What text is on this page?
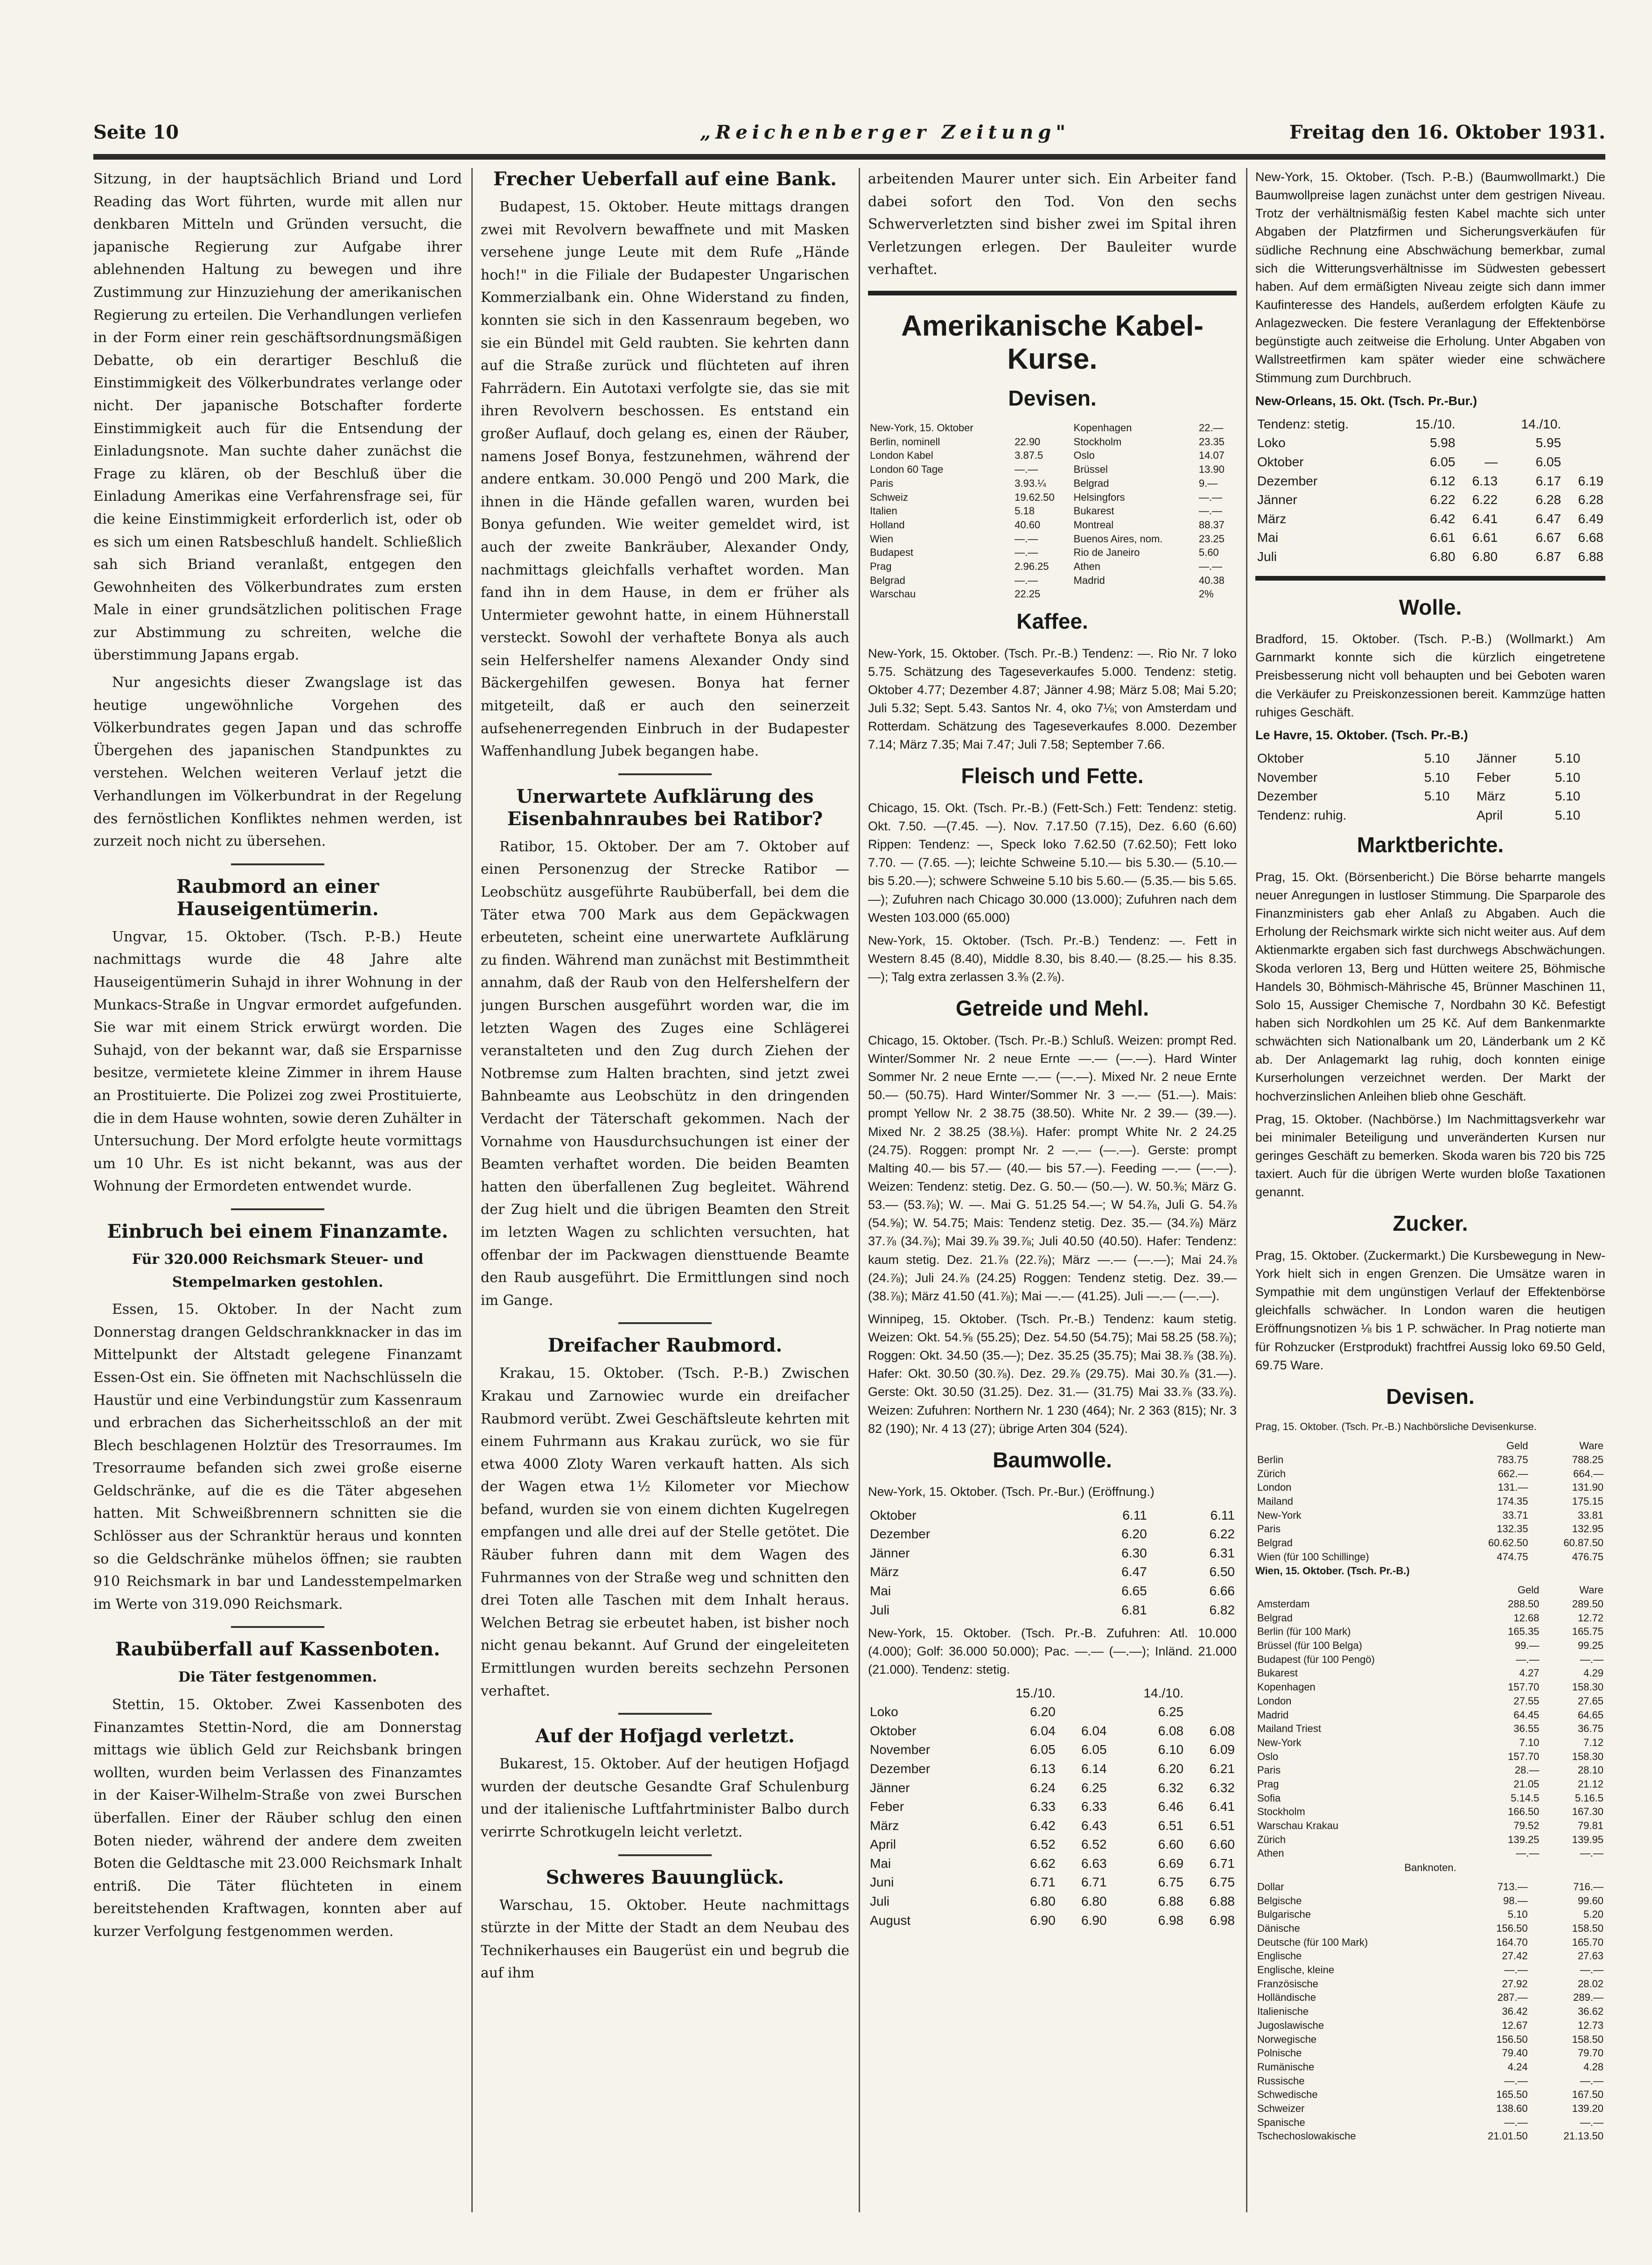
Seite 10	„Reichenberger Zeitung"	Freitag den 16. Oktober 1931.

Sitzung, in der hauptsächlich Briand und Lord Reading das Wort führten, wurde mit allen nur denkbaren Mitteln und Gründen versucht, die japanische Regierung zur Aufgabe ihrer ablehnenden Haltung zu bewegen und ihre Zustimmung zur Hinzuziehung der amerikanischen Regierung zu erteilen. Die Verhandlungen verliefen in der Form einer rein geschäftsordnungsmäßigen Debatte, ob ein derartiger Beschluß die Einstimmigkeit des Völkerbundrates verlange oder nicht. Der japanische Botschafter forderte Einstimmigkeit auch für die Entsendung der Einladungsnote. Man suchte daher zunächst die Frage zu klären, ob der Beschluß über die Einladung Amerikas eine Verfahrensfrage sei, für die keine Einstimmigkeit erforderlich ist, oder ob es sich um einen Ratsbeschluß handelt. Schließlich sah sich Briand veranlaßt, entgegen den Gewohnheiten des Völkerbundrates zum ersten Male in einer grundsätzlichen politischen Frage zur Abstimmung zu schreiten, welche die überstimmung Japans ergab.

Nur angesichts dieser Zwangslage ist das heutige ungewöhnliche Vorgehen des Völkerbundrates gegen Japan und das schroffe Übergehen des japanischen Standpunktes zu verstehen. Welchen weiteren Verlauf jetzt die Verhandlungen im Völkerbundrat in der Regelung des fernöstlichen Konfliktes nehmen werden, ist zurzeit noch nicht zu übersehen.

Raubmord an einer Hauseigentümerin.

Ungvar, 15. Oktober. (Tsch. P.-B.) Heute nachmittags wurde die 48 Jahre alte Hauseigentümerin Suhajd in ihrer Wohnung in der Munkacs-Straße in Ungvar ermordet aufgefunden. Sie war mit einem Strick erwürgt worden. Die Suhajd, von der bekannt war, daß sie Ersparnisse besitze, vermietete kleine Zimmer in ihrem Hause an Prostituierte. Die Polizei zog zwei Prostituierte, die in dem Hause wohnten, sowie deren Zuhälter in Untersuchung. Der Mord erfolgte heute vormittags um 10 Uhr. Es ist nicht bekannt, was aus der Wohnung der Ermordeten entwendet wurde.

Einbruch bei einem Finanzamte.
Für 320.000 Reichsmark Steuer- und Stempelmarken gestohlen.

Essen, 15. Oktober. In der Nacht zum Donnerstag drangen Geldschrankknacker in das im Mittelpunkt der Altstadt gelegene Finanzamt Essen-Ost ein. Sie öffneten mit Nachschlüsseln die Haustür und eine Verbindungstür zum Kassenraum und erbrachen das Sicherheitsschloß an der mit Blech beschlagenen Holztür des Tresorraumes. Im Tresorraume befanden sich zwei große eiserne Geldschränke, auf die es die Täter abgesehen hatten. Mit Schweißbrennern schnitten sie die Schlösser aus der Schranktür heraus und konnten so die Geldschränke mühelos öffnen; sie raubten 910 Reichsmark in bar und Landesstempelmarken im Werte von 319.090 Reichsmark.

Raubüberfall auf Kassenboten.
Die Täter festgenommen.

Stettin, 15. Oktober. Zwei Kassenboten des Finanzamtes Stettin-Nord, die am Donnerstag mittags wie üblich Geld zur Reichsbank bringen wollten, wurden beim Verlassen des Finanzamtes in der Kaiser-Wilhelm-Straße von zwei Burschen überfallen. Einer der Räuber schlug den einen Boten nieder, während der andere dem zweiten Boten die Geldtasche mit 23.000 Reichsmark Inhalt entriß. Die Täter flüchteten in einem bereitstehenden Kraftwagen, konnten aber auf kurzer Verfolgung festgenommen werden.

Frecher Ueberfall auf eine Bank.

Budapest, 15. Oktober. Heute mittags drangen zwei mit Revolvern bewaffnete und mit Masken versehene junge Leute mit dem Rufe „Hände hoch!" in die Filiale der Budapester Ungarischen Kommerzialbank ein. Ohne Widerstand zu finden, konnten sie sich in den Kassenraum begeben, wo sie ein Bündel mit Geld raubten. Sie kehrten dann auf die Straße zurück und flüchteten auf ihren Fahrrädern. Ein Autotaxi verfolgte sie, das sie mit ihren Revolvern beschossen. Es entstand ein großer Auflauf, doch gelang es, einen der Räuber, namens Josef Bonya, festzunehmen, während der andere entkam. 30.000 Pengö und 200 Mark, die ihnen in die Hände gefallen waren, wurden bei Bonya gefunden. Wie weiter gemeldet wird, ist auch der zweite Bankräuber, Alexander Ondy, nachmittags gleichfalls verhaftet worden. Man fand ihn in dem Hause, in dem er früher als Untermieter gewohnt hatte, in einem Hühnerstall versteckt. Sowohl der verhaftete Bonya als auch sein Helfershelfer namens Alexander Ondy sind Bäckergehilfen gewesen. Bonya hat ferner mitgeteilt, daß er auch den seinerzeit aufsehenerregenden Einbruch in der Budapester Waffenhandlung Jubek begangen habe.

Unerwartete Aufklärung des Eisenbahnraubes bei Ratibor?

Ratibor, 15. Oktober. Der am 7. Oktober auf einen Personenzug der Strecke Ratibor — Leobschütz ausgeführte Raubüberfall, bei dem die Täter etwa 700 Mark aus dem Gepäckwagen erbeuteten, scheint eine unerwartete Aufklärung zu finden. Während man zunächst mit Bestimmtheit annahm, daß der Raub von den Helfershelfern der jungen Burschen ausgeführt worden war, die im letzten Wagen des Zuges eine Schlägerei veranstalteten und den Zug durch Ziehen der Notbremse zum Halten brachten, sind jetzt zwei Bahnbeamte aus Leobschütz in den dringenden Verdacht der Täterschaft gekommen. Nach der Vornahme von Hausdurchsuchungen ist einer der Beamten verhaftet worden. Die beiden Beamten hatten den überfallenen Zug begleitet. Während der Zug hielt und die übrigen Beamten den Streit im letzten Wagen zu schlichten versuchten, hat offenbar der im Packwagen diensttuende Beamte den Raub ausgeführt. Die Ermittlungen sind noch im Gange.

Dreifacher Raubmord.

Krakau, 15. Oktober. (Tsch. P.-B.) Zwischen Krakau und Zarnowiec wurde ein dreifacher Raubmord verübt. Zwei Geschäftsleute kehrten mit einem Fuhrmann aus Krakau zurück, wo sie für etwa 4000 Zloty Waren verkauft hatten. Als sich der Wagen etwa 1½ Kilometer vor Miechow befand, wurden sie von einem dichten Kugelregen empfangen und alle drei auf der Stelle getötet. Die Räuber fuhren dann mit dem Wagen des Fuhrmannes von der Straße weg und schnitten den drei Toten alle Taschen mit dem Inhalt heraus. Welchen Betrag sie erbeutet haben, ist bisher noch nicht genau bekannt. Auf Grund der eingeleiteten Ermittlungen wurden bereits sechzehn Personen verhaftet.

Auf der Hofjagd verletzt.

Bukarest, 15. Oktober. Auf der heutigen Hofjagd wurden der deutsche Gesandte Graf Schulenburg und der italienische Luftfahrtminister Balbo durch verirrte Schrotkugeln leicht verletzt.

Schweres Bauunglück.

Warschau, 15. Oktober. Heute nachmittags stürzte in der Mitte der Stadt an dem Neubau des Technikerhauses ein Baugerüst ein und begrub die auf ihm

arbeitenden Maurer unter sich. Ein Arbeiter fand dabei sofort den Tod. Von den sechs Schwerverletzten sind bisher zwei im Spital ihren Verletzungen erlegen. Der Bauleiter wurde verhaftet.

Amerikanische Kabel-Kurse.
Devisen.
New-York, 15. Oktober		Kopenhagen	22.—
Berlin, nominell	22.90	Stockholm	23.35
London Kabel	3.87.5	Oslo	14.07
London 60 Tage	—.—	Brüssel	13.90
Paris	3.93.¼	Belgrad	9.—
Schweiz	19.62.50	Helsingfors	—.—
Italien	5.18	Bukarest	—.—
Holland	40.60	Montreal	88.37
Wien	—.—	Buenos Aires, nom.	23.25
Budapest	—.—	Rio de Janeiro	5.60
Prag	2.96.25	Athen	—.—
Belgrad	—.—	Madrid	40.38
Warschau	22.25		2%
Kaffee.

New-York, 15. Oktober. (Tsch. Pr.-B.) Tendenz: —. Rio Nr. 7 loko 5.75. Schätzung des Tageseverkaufes 5.000. Tendenz: stetig. Oktober 4.77; Dezember 4.87; Jänner 4.98; März 5.08; Mai 5.20; Juli 5.32; Sept. 5.43. Santos Nr. 4, oko 7⅛; von Amsterdam und Rotterdam. Schätzung des Tageseverkaufes 8.000. Dezember 7.14; März 7.35; Mai 7.47; Juli 7.58; September 7.66.

Fleisch und Fette.

Chicago, 15. Okt. (Tsch. Pr.-B.) (Fett-Sch.) Fett: Tendenz: stetig. Okt. 7.50. —(7.45. —). Nov. 7.17.50 (7.15), Dez. 6.60 (6.60) Rippen: Tendenz: —, Speck loko 7.62.50 (7.62.50); Fett loko 7.70. — (7.65. —); leichte Schweine 5.10.— bis 5.30.— (5.10.— bis 5.20.—); schwere Schweine 5.10 bis 5.60.— (5.35.— bis 5.65.—); Zufuhren nach Chicago 30.000 (13.000); Zufuhren nach dem Westen 103.000 (65.000)

New-York, 15. Oktober. (Tsch. Pr.-B.) Tendenz: —. Fett in Western 8.45 (8.40), Middle 8.30, bis 8.40.— (8.25.— his 8.35.—); Talg extra zerlassen 3.⅜ (2.⅞).

Getreide und Mehl.

Chicago, 15. Oktober. (Tsch. Pr.-B.) Schluß. Weizen: prompt Red. Winter/Sommer Nr. 2 neue Ernte —.— (—.—). Hard Winter Sommer Nr. 2 neue Ernte —.— (—.—). Mixed Nr. 2 neue Ernte 50.— (50.75). Hard Winter/Sommer Nr. 3 —.— (51.—). Mais: prompt Yellow Nr. 2 38.75 (38.50). White Nr. 2 39.— (39.—). Mixed Nr. 2 38.25 (38.⅛). Hafer: prompt White Nr. 2 24.25 (24.75). Roggen: prompt Nr. 2 —.— (—.—). Gerste: prompt Malting 40.— bis 57.— (40.— bis 57.—). Feeding —.— (—.—). Weizen: Tendenz: stetig. Dez. G. 50.— (50.—). W. 50.⅜; März G. 53.— (53.⅞); W. —. Mai G. 51.25 54.—; W 54.⅞, Juli G. 54.⅞ (54.⅝); W. 54.75; Mais: Tendenz stetig. Dez. 35.— (34.⅞) März 37.⅞ (34.⅞); Mai 39.⅞ 39.⅞; Juli 40.50 (40.50). Hafer: Tendenz: kaum stetig. Dez. 21.⅞ (22.⅞); März —.— (—.—); Mai 24.⅞ (24.⅞); Juli 24.⅞ (24.25) Roggen: Tendenz stetig. Dez. 39.— (38.⅞); März 41.50 (41.⅞); Mai —.— (41.25). Juli —.— (—.—).

Winnipeg, 15. Oktober. (Tsch. Pr.-B.) Tendenz: kaum stetig. Weizen: Okt. 54.⅝ (55.25); Dez. 54.50 (54.75); Mai 58.25 (58.⅞); Roggen: Okt. 34.50 (35.—); Dez. 35.25 (35.75); Mai 38.⅞ (38.⅞). Hafer: Okt. 30.50 (30.⅞). Dez. 29.⅞ (29.75). Mai 30.⅞ (31.—). Gerste: Okt. 30.50 (31.25). Dez. 31.— (31.75) Mai 33.⅞ (33.⅞). Weizen: Zufuhren: Northern Nr. 1 230 (464); Nr. 2 363 (815); Nr. 3 82 (190); Nr. 4 13 (27); übrige Arten 304 (524).

Baumwolle.

New-York, 15. Oktober. (Tsch. Pr.-Bur.) (Eröffnung.)

Oktober	6.11	6.11
Dezember	6.20	6.22
Jänner	6.30	6.31
März	6.47	6.50
Mai	6.65	6.66
Juli	6.81	6.82

New-York, 15. Oktober. (Tsch. Pr.-B. Zufuhren: Atl. 10.000 (4.000); Golf: 36.000 50.000); Pac. —.— (—.—); Inländ. 21.000 (21.000). Tendenz: stetig.

	15./10.		14./10.	
Loko	6.20		6.25	
Oktober	6.04	6.04	6.08	6.08
November	6.05	6.05	6.10	6.09
Dezember	6.13	6.14	6.20	6.21
Jänner	6.24	6.25	6.32	6.32
Feber	6.33	6.33	6.46	6.41
März	6.42	6.43	6.51	6.51
April	6.52	6.52	6.60	6.60
Mai	6.62	6.63	6.69	6.71
Juni	6.71	6.71	6.75	6.75
Juli	6.80	6.80	6.88	6.88
August	6.90	6.90	6.98	6.98

New-York, 15. Oktober. (Tsch. P.-B.) (Baumwollmarkt.) Die Baumwollpreise lagen zunächst unter dem gestrigen Niveau. Trotz der verhältnismäßig festen Kabel machte sich unter Abgaben der Platzfirmen und Sicherungsverkäufen für südliche Rechnung eine Abschwächung bemerkbar, zumal sich die Witterungsverhältnisse im Südwesten gebessert haben. Auf dem ermäßigten Niveau zeigte sich dann immer Kaufinteresse des Handels, außerdem erfolgten Käufe zu Anlagezwecken. Die festere Veranlagung der Effektenbörse begünstigte auch zeitweise die Erholung. Unter Abgaben von Wallstreetfirmen kam später wieder eine schwächere Stimmung zum Durchbruch.

New-Orleans, 15. Okt. (Tsch. Pr.-Bur.)

Tendenz: stetig.	15./10.		14./10.	
Loko	5.98		5.95	
Oktober	6.05	—	6.05	
Dezember	6.12	6.13	6.17	6.19
Jänner	6.22	6.22	6.28	6.28
März	6.42	6.41	6.47	6.49
Mai	6.61	6.61	6.67	6.68
Juli	6.80	6.80	6.87	6.88
Wolle.

Bradford, 15. Oktober. (Tsch. P.-B.) (Wollmarkt.) Am Garnmarkt konnte sich die kürzlich eingetretene Preisbesserung nicht voll behaupten und bei Geboten waren die Verkäufer zu Preiskonzessionen bereit. Kammzüge hatten ruhiges Geschäft.

Le Havre, 15. Oktober. (Tsch. Pr.-B.)

Oktober	5.10	Jänner	5.10
November	5.10	Feber	5.10
Dezember	5.10	März	5.10
Tendenz: ruhig.		April	5.10
Marktberichte.

Prag, 15. Okt. (Börsenbericht.) Die Börse beharrte mangels neuer Anregungen in lustloser Stimmung. Die Sparparole des Finanzministers gab eher Anlaß zu Abgaben. Auch die Erholung der Reichsmark wirkte sich nicht weiter aus. Auf dem Aktienmarkte ergaben sich fast durchwegs Abschwächungen. Skoda verloren 13, Berg und Hütten weitere 25, Böhmische Handels 30, Böhmisch-Mährische 45, Brünner Maschinen 11, Solo 15, Aussiger Chemische 7, Nordbahn 30 Kč. Befestigt haben sich Nordkohlen um 25 Kč. Auf dem Bankenmarkte schwächten sich Nationalbank um 20, Länderbank um 2 Kč ab. Der Anlagemarkt lag ruhig, doch konnten einige Kurserholungen verzeichnet werden. Der Markt der hochverzinslichen Anleihen blieb ohne Geschäft.

Prag, 15. Oktober. (Nachbörse.) Im Nachmittagsverkehr war bei minimaler Beteiligung und unveränderten Kursen nur geringes Geschäft zu bemerken. Skoda waren bis 720 bis 725 taxiert. Auch für die übrigen Werte wurden bloße Taxationen genannt.

Zucker.

Prag, 15. Oktober. (Zuckermarkt.) Die Kursbewegung in New-York hielt sich in engen Grenzen. Die Umsätze waren in Sympathie mit dem ungünstigen Verlauf der Effektenbörse gleichfalls schwächer. In London waren die heutigen Eröffnungsnotizen ⅛ bis 1 P. schwächer. In Prag notierte man für Rohzucker (Erstprodukt) frachtfrei Aussig loko 69.50 Geld, 69.75 Ware.

Devisen.

Prag, 15. Oktober. (Tsch. Pr.-B.) Nachbörsliche Devisenkurse.

	Geld	Ware
Berlin	783.75	788.25
Zürich	662.—	664.—
London	131.—	131.90
Mailand	174.35	175.15
New-York	33.71	33.81
Paris	132.35	132.95
Belgrad	60.62.50	60.87.50
Wien (für 100 Schillinge)	474.75	476.75

Wien, 15. Oktober. (Tsch. Pr.-B.)

	Geld	Ware
Amsterdam	288.50	289.50
Belgrad	12.68	12.72
Berlin (für 100 Mark)	165.35	165.75
Brüssel (für 100 Belga)	99.—	99.25
Budapest (für 100 Pengö)	—.—	—.—
Bukarest	4.27	4.29
Kopenhagen	157.70	158.30
London	27.55	27.65
Madrid	64.45	64.65
Mailand Triest	36.55	36.75
New-York	7.10	7.12
Oslo	157.70	158.30
Paris	28.—	28.10
Prag	21.05	21.12
Sofia	5.14.5	5.16.5
Stockholm	166.50	167.30
Warschau Krakau	79.52	79.81
Zürich	139.25	139.95
Athen	—.—	—.—

Banknoten.

Dollar	713.—	716.—
Belgische	98.—	99.60
Bulgarische	5.10	5.20
Dänische	156.50	158.50
Deutsche (für 100 Mark)	164.70	165.70
Englische	27.42	27.63
Englische, kleine	—.—	—.—
Französische	27.92	28.02
Holländische	287.—	289.—
Italienische	36.42	36.62
Jugoslawische	12.67	12.73
Norwegische	156.50	158.50
Polnische	79.40	79.70
Rumänische	4.24	4.28
Russische	—.—	—.—
Schwedische	165.50	167.50
Schweizer	138.60	139.20
Spanische	—.—	—.—
Tschechoslowakische	21.01.50	21.13.50
